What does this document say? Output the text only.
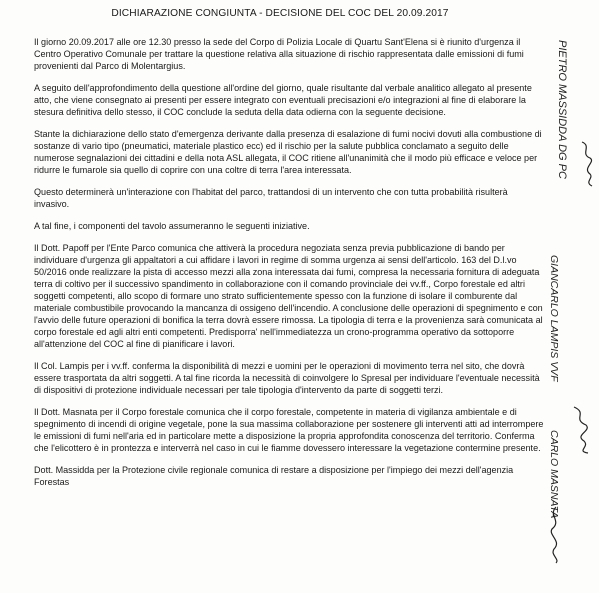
DICHIARAZIONE CONGIUNTA - DECISIONE DEL COC DEL 20.09.2017

Il giorno 20.09.2017 alle ore 12.30 presso la sede del Corpo di Polizia Locale di Quartu Sant'Elena si è riunito d'urgenza il Centro Operativo Comunale per trattare la questione relativa alla situazione di rischio rappresentata dalle emissioni di fumi provenienti dal Parco di Molentargius.

A seguito dell'approfondimento della questione all'ordine del giorno, quale risultante dal verbale analitico allegato al presente atto, che viene consegnato ai presenti per essere integrato con eventuali precisazioni e/o integrazioni al fine di elaborare la stesura definitiva dello stesso, il COC conclude la seduta della data odierna con la seguente decisione.

Stante la dichiarazione dello stato d'emergenza derivante dalla presenza di esalazione di fumi nocivi dovuti alla combustione di sostanze di vario tipo (pneumatici, materiale plastico ecc) ed il rischio per la salute pubblica conclamato a seguito delle numerose segnalazioni dei cittadini e della nota ASL allegata, il COC ritiene all'unanimità che il modo più efficace e veloce per ridurre le fumarole sia quello di coprire con una coltre di terra l'area interessata.

Questo determinerà un'interazione con l'habitat del parco, trattandosi di un intervento che con tutta probabilità risulterà invasivo.

A tal fine, i componenti del tavolo assumeranno le seguenti iniziative.

Il Dott. Papoff per l'Ente Parco comunica che attiverà la procedura negoziata senza previa pubblicazione di bando per individuare d'urgenza gli appaltatori a cui affidare i lavori in regime di somma urgenza ai sensi dell'articolo. 163 del D.l.vo 50/2016 onde realizzare la pista di accesso mezzi alla zona interessata dai fumi, compresa la necessaria fornitura di adeguata terra di coltivo per il successivo spandimento in collaborazione con il comando provinciale dei vv.ff., Corpo forestale ed altri soggetti competenti, allo scopo di formare uno strato sufficientemente spesso con la funzione di isolare il comburente dal materiale combustibile provocando la mancanza di ossigeno dell'incendio. A conclusione delle operazioni di spegnimento e con l'avvio delle future operazioni di bonifica la terra dovrà essere rimossa. La tipologia di terra e la provenienza sarà comunicata al corpo forestale ed agli altri enti competenti. Predisporra' nell'immediatezza un crono-programma operativo da sottoporre all'attenzione del COC al fine di pianificare i lavori.

Il Col. Lampis per i vv.ff. conferma la disponibilità di mezzi e uomini per le operazioni di movimento terra nel sito, che dovrà essere trasportata da altri soggetti. A tal fine ricorda la necessità di coinvolgere lo Spresal per individuare l'eventuale necessità di dispositivi di protezione individuale necessari per tale tipologia d'intervento da parte di soggetti terzi.

Il Dott. Masnata per il Corpo forestale comunica che il corpo forestale, competente in materia di vigilanza ambientale e di spegnimento di incendi di origine vegetale, pone la sua massima collaborazione per sostenere gli interventi atti ad interrompere le emissioni di fumi nell'aria ed in particolare mette a disposizione la propria approfondita conoscenza del territorio. Conferma che l'elicottero è in prontezza e interverrà nel caso in cui le fiamme dovessero interessare la vegetazione contermine presente.

Dott. Massidda per la Protezione civile regionale comunica di restare a disposizione per l'impiego dei mezzi dell'agenzia Forestas

PIETRO MASSIDDA DG PC
GIANCARLO LAMPIS VVF
CARLO MASNATA
